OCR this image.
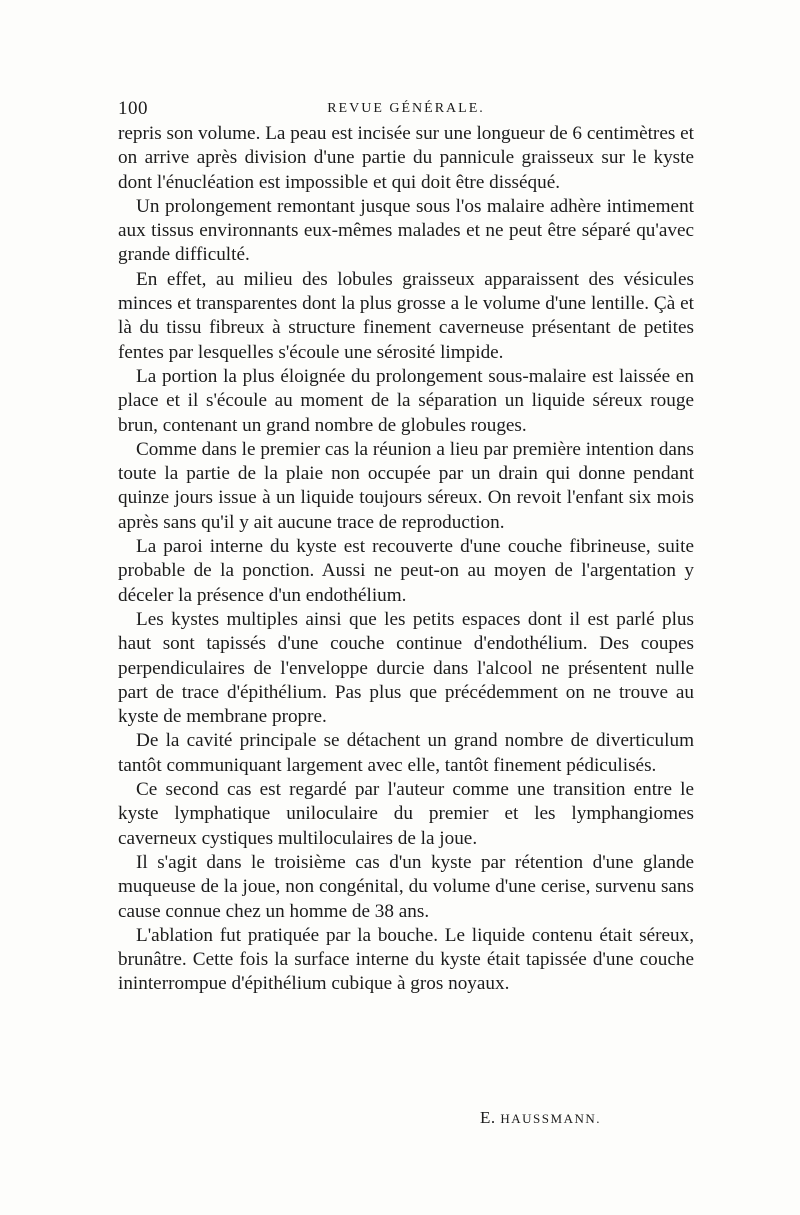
100	REVUE GÉNÉRALE.

repris son volume. La peau est incisée sur une longueur de 6 centimètres et on arrive après division d'une partie du pannicule graisseux sur le kyste dont l'énucléation est impossible et qui doit être disséqué.

Un prolongement remontant jusque sous l'os malaire adhère intimement aux tissus environnants eux-mêmes malades et ne peut être séparé qu'avec grande difficulté.

En effet, au milieu des lobules graisseux apparaissent des vésicules minces et transparentes dont la plus grosse a le volume d'une lentille. Çà et là du tissu fibreux à structure finement caverneuse présentant de petites fentes par lesquelles s'écoule une sérosité limpide.

La portion la plus éloignée du prolongement sous-malaire est laissée en place et il s'écoule au moment de la séparation un liquide séreux rouge brun, contenant un grand nombre de globules rouges.

Comme dans le premier cas la réunion a lieu par première intention dans toute la partie de la plaie non occupée par un drain qui donne pendant quinze jours issue à un liquide toujours séreux. On revoit l'enfant six mois après sans qu'il y ait aucune trace de reproduction.

La paroi interne du kyste est recouverte d'une couche fibrineuse, suite probable de la ponction. Aussi ne peut-on au moyen de l'argentation y déceler la présence d'un endothélium.

Les kystes multiples ainsi que les petits espaces dont il est parlé plus haut sont tapissés d'une couche continue d'endothélium. Des coupes perpendiculaires de l'enveloppe durcie dans l'alcool ne présentent nulle part de trace d'épithélium. Pas plus que précédemment on ne trouve au kyste de membrane propre.

De la cavité principale se détachent un grand nombre de diverticulum tantôt communiquant largement avec elle, tantôt finement pédiculisés.

Ce second cas est regardé par l'auteur comme une transition entre le kyste lymphatique uniloculaire du premier et les lymphangiomes caverneux cystiques multiloculaires de la joue.

Il s'agit dans le troisième cas d'un kyste par rétention d'une glande muqueuse de la joue, non congénital, du volume d'une cerise, survenu sans cause connue chez un homme de 38 ans.

L'ablation fut pratiquée par la bouche. Le liquide contenu était séreux, brunâtre. Cette fois la surface interne du kyste était tapissée d'une couche ininterrompue d'épithélium cubique à gros noyaux.

E. HAUSSMANN.
